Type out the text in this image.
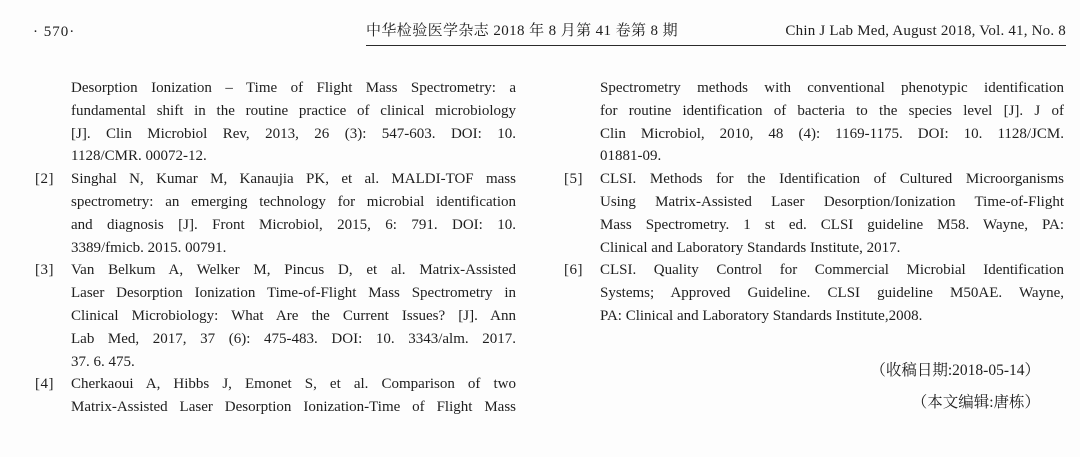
· 570·	中华检验医学杂志 2018 年 8 月第 41 卷第 8 期	Chin J Lab Med, August 2018, Vol. 41, No. 8
Desorption Ionization – Time of Flight Mass Spectrometry: a
fundamental shift in the routine practice of clinical microbiology
[J]. Clin Microbiol Rev, 2013, 26 (3): 547-603. DOI: 10.
1128/CMR. 00072-12.
[2] Singhal N, Kumar M, Kanaujia PK, et al. MALDI-TOF mass
spectrometry: an emerging technology for microbial identification
and diagnosis [J]. Front Microbiol, 2015, 6: 791. DOI: 10.
3389/fmicb. 2015. 00791.
[3] Van Belkum A, Welker M, Pincus D, et al. Matrix-Assisted
Laser Desorption Ionization Time-of-Flight Mass Spectrometry in
Clinical Microbiology: What Are the Current Issues? [J]. Ann
Lab Med, 2017, 37 (6): 475-483. DOI: 10. 3343/alm. 2017.
37. 6. 475.
[4] Cherkaoui A, Hibbs J, Emonet S, et al. Comparison of two
Matrix-Assisted Laser Desorption Ionization-Time of Flight Mass
Spectrometry methods with conventional phenotypic identification
for routine identification of bacteria to the species level [J]. J of
Clin Microbiol, 2010, 48 (4): 1169-1175. DOI: 10. 1128/JCM.
01881-09.
[5] CLSI. Methods for the Identification of Cultured Microorganisms
Using Matrix-Assisted Laser Desorption/Ionization Time-of-Flight
Mass Spectrometry. 1 st ed. CLSI guideline M58. Wayne, PA:
Clinical and Laboratory Standards Institute, 2017.
[6] CLSI. Quality Control for Commercial Microbial Identification
Systems; Approved Guideline. CLSI guideline M50AE. Wayne,
PA: Clinical and Laboratory Standards Institute,2008.
（收稿日期:2018-05-14）
（本文编辑:唐栋）
